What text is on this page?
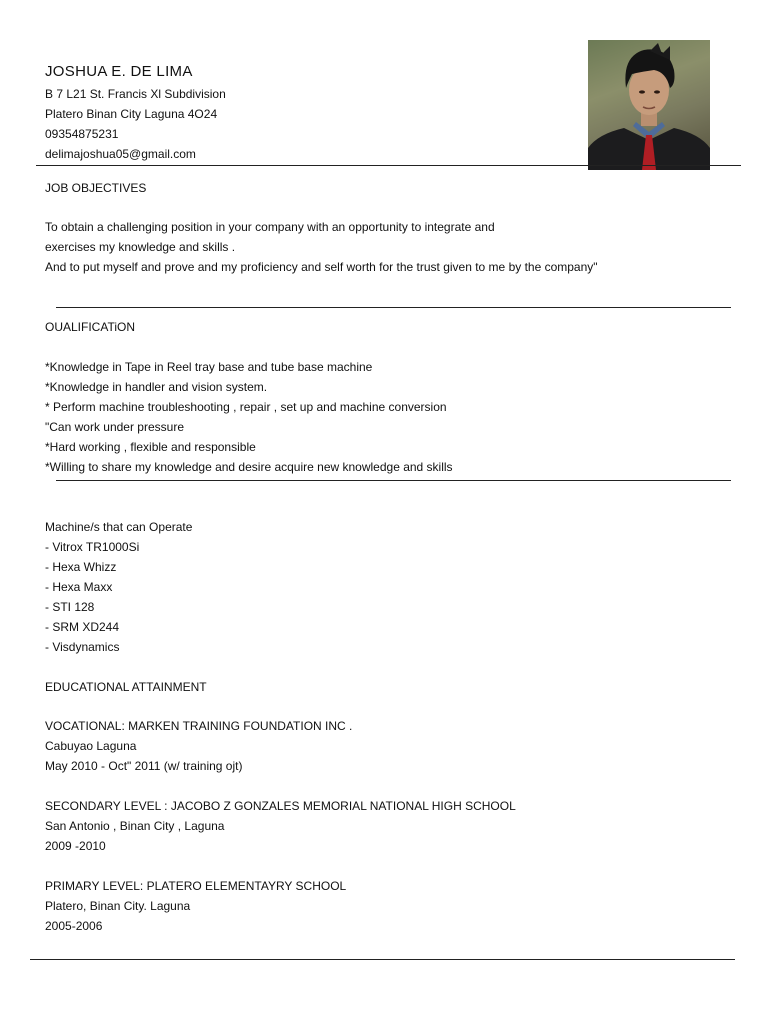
JOSHUA E. DE LIMA
B 7 L21 St. Francis Xl Subdivision
Platero Binan City Laguna 4O24
09354875231
delimajoshua05@gmail.com
JOB OBJECTIVES
To obtain a challenging position in your company with an opportunity to integrate and
exercises my knowledge and skills .
And to put myself and prove and my proficiency and self worth for the trust given to me by the company"
OUALIFICATiON
*Knowledge in Tape in Reel tray base and tube base machine
*Knowledge in handler and vision system.
* Perform machine troubleshooting , repair , set up and machine conversion
"Can work under pressure
*Hard working , flexible and responsible
*Willing to share my knowledge and desire acquire new knowledge and skills
Machine/s that can Operate
- Vitrox TR1000Si
- Hexa Whizz
- Hexa Maxx
- STI 128
- SRM XD244
- Visdynamics
EDUCATIONAL ATTAINMENT
VOCATIONAL: MARKEN TRAINING FOUNDATION INC .
Cabuyao Laguna
May 2010 - Oct" 2011 (w/ training ojt)
SECONDARY LEVEL : JACOBO Z GONZALES MEMORIAL NATIONAL HIGH SCHOOL
San Antonio , Binan City , Laguna
2009 -2010
PRIMARY LEVEL: PLATERO ELEMENTAYRY SCHOOL
Platero, Binan City. Laguna
2005-2006
